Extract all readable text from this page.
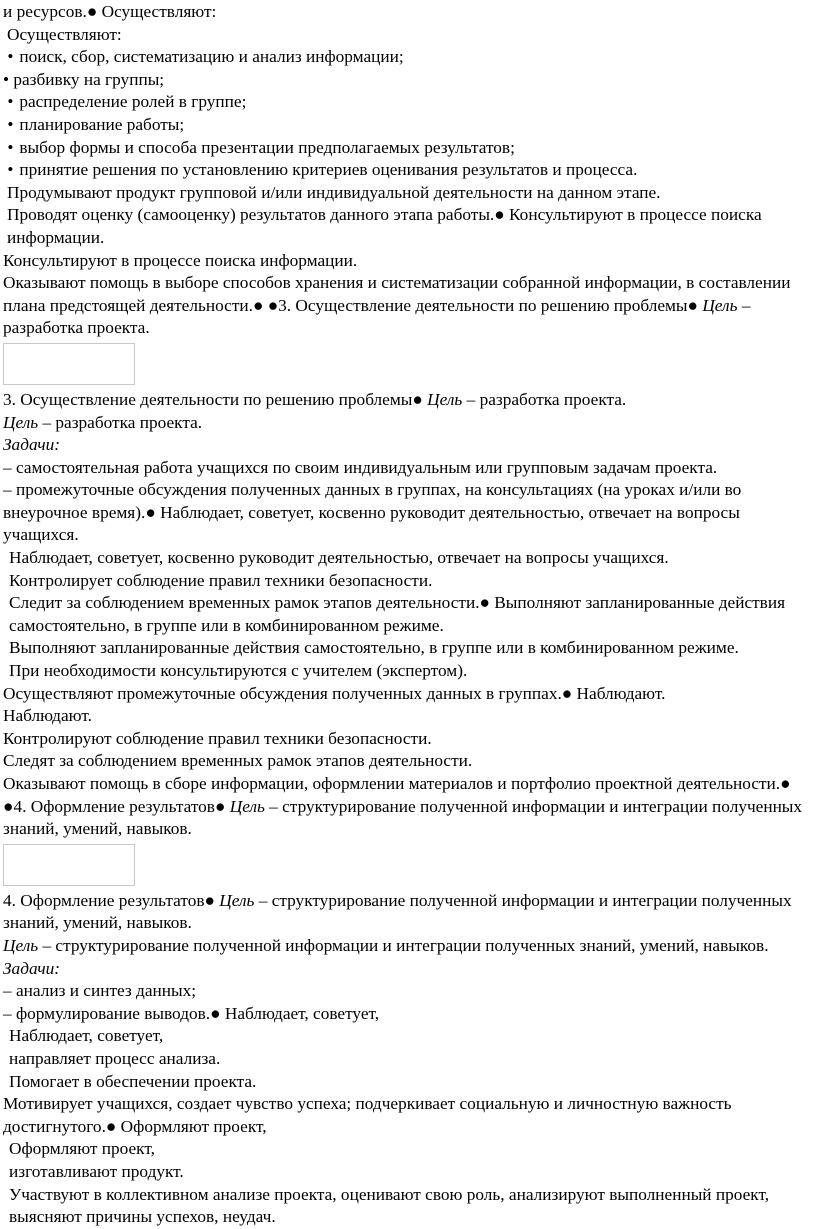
и ресурсов.● Осуществляют:

Осуществляют:

• поиск, сбор, систематизацию и анализ информации;

• разбивку на группы;

• распределение ролей в группе;

• планирование работы;

• выбор формы и способа презентации предполагаемых результатов;

• принятие решения по установлению критериев оценивания результатов и процесса.

Продумывают продукт групповой и/или индивидуальной деятельности на данном этапе.

Проводят оценку (самооценку) результатов данного этапа работы.● Консультируют в процессе поиска информации.

Консультируют в процессе поиска информации.

Оказывают помощь в выборе способов хранения и систематизации собранной информации, в составлении плана предстоящей деятельности.● ●3. Осуществление деятельности по решению проблемы● Цель – разработка проекта.

3. Осуществление деятельности по решению проблемы● Цель – разработка проекта.

Цель – разработка проекта.

Задачи:

– самостоятельная работа учащихся по своим индивидуальным или групповым задачам проекта.

– промежуточные обсуждения полученных данных в группах, на консультациях (на уроках и/или во внеурочное время).● Наблюдает, советует, косвенно руководит деятельностью, отвечает на вопросы учащихся.

Наблюдает, советует, косвенно руководит деятельностью, отвечает на вопросы учащихся.

Контролирует соблюдение правил техники безопасности.

Следит за соблюдением временных рамок этапов деятельности.● Выполняют запланированные действия самостоятельно, в группе или в комбинированном режиме.

Выполняют запланированные действия самостоятельно, в группе или в комбинированном режиме.

При необходимости консультируются с учителем (экспертом).

Осуществляют промежуточные обсуждения полученных данных в группах.● Наблюдают.

Наблюдают.

Контролируют соблюдение правил техники безопасности.

Следят за соблюдением временных рамок этапов деятельности.

Оказывают помощь в сборе информации, оформлении материалов и портфолио проектной деятельности.● ●4. Оформление результатов● Цель – структурирование полученной информации и интеграции полученных знаний, умений, навыков.

4. Оформление результатов● Цель – структурирование полученной информации и интеграции полученных знаний, умений, навыков.

Цель – структурирование полученной информации и интеграции полученных знаний, умений, навыков.

Задачи:

– анализ и синтез данных;

– формулирование выводов.● Наблюдает, советует,

Наблюдает, советует,

направляет процесс анализа.

Помогает в обеспечении проекта.

Мотивирует учащихся, создает чувство успеха; подчеркивает социальную и личностную важность достигнутого.● Оформляют проект,

Оформляют проект,

изготавливают продукт.

Участвуют в коллективном анализе проекта, оценивают свою роль, анализируют выполненный проект, выясняют причины успехов, неудач.
